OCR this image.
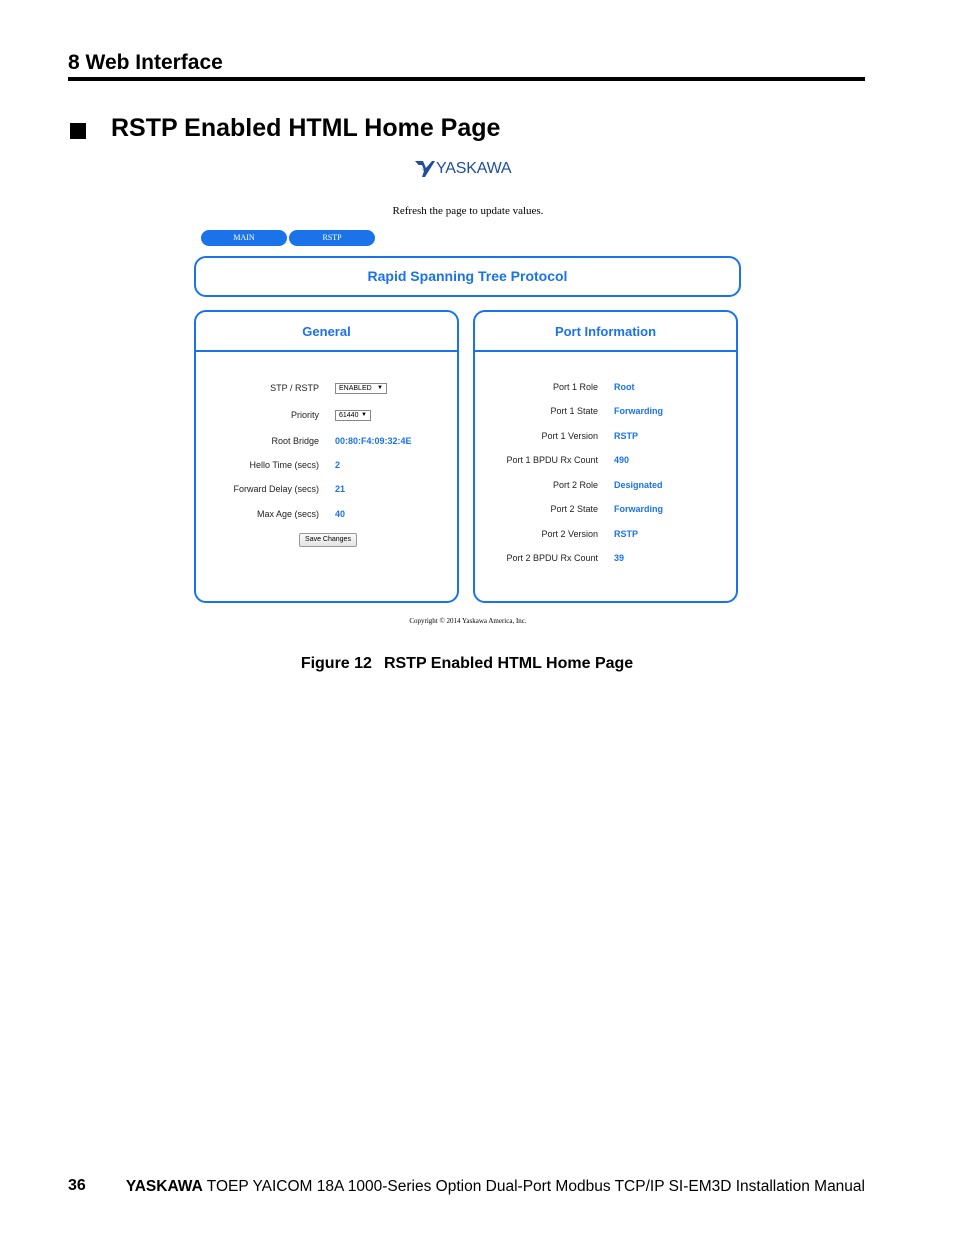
8 Web Interface
RSTP Enabled HTML Home Page
YASKAWA
Refresh the page to update values.
MAIN	RSTP
Rapid Spanning Tree Protocol
General
STP / RSTP	ENABLED ▼
Priority	61440 ▼
Root Bridge 00:80:F4:09:32:4E
Hello Time (secs) 2
Forward Delay (secs) 21
Max Age (secs) 40
Save Changes
Port Information
Port 1 Role Root
Port 1 State Forwarding
Port 1 Version RSTP
Port 1 BPDU Rx Count 490
Port 2 Role Designated
Port 2 State Forwarding
Port 2 Version RSTP
Port 2 BPDU Rx Count 39
Copyright © 2014 Yaskawa America, Inc.
Figure 12 RSTP Enabled HTML Home Page
36	YASKAWA TOEP YAICOM 18A 1000-Series Option Dual-Port Modbus TCP/IP SI-EM3D Installation Manual
